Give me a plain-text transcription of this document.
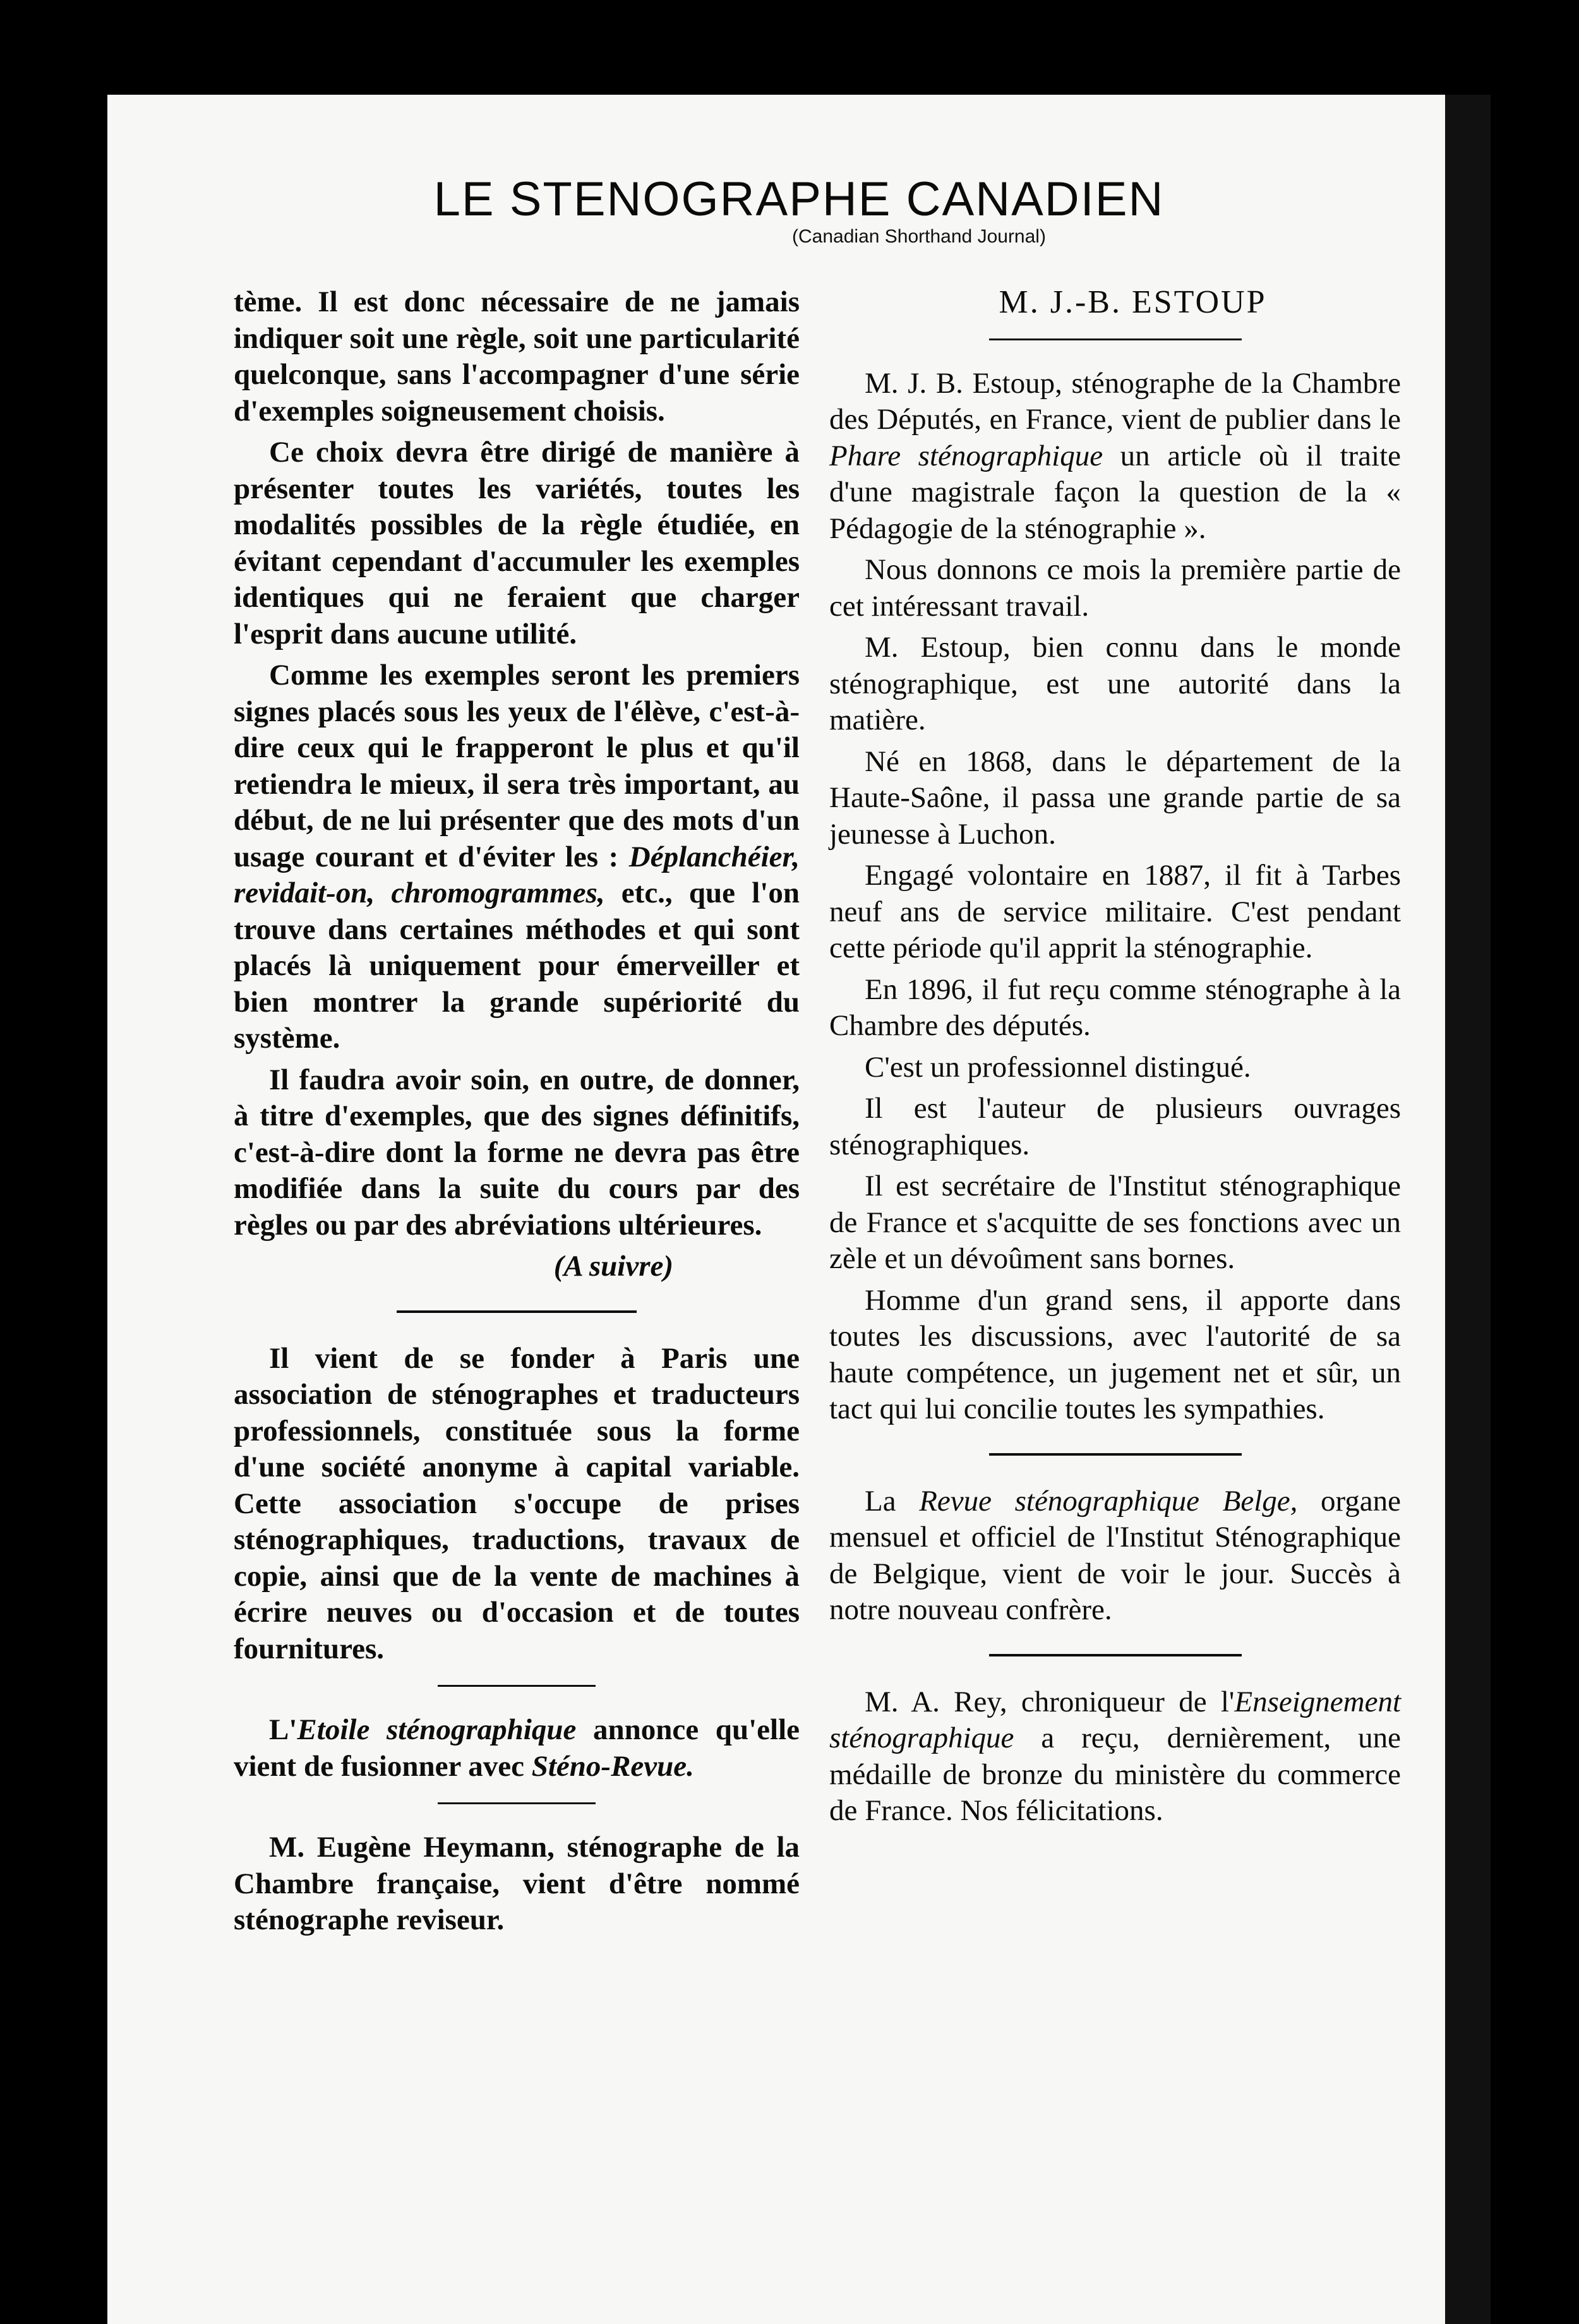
LE STENOGRAPHE CANADIEN
(Canadian Shorthand Journal)

tème. Il est donc nécessaire de ne jamais indiquer soit une règle, soit une particularité quelconque, sans l'accompagner d'une série d'exemples soigneusement choisis.

Ce choix devra être dirigé de manière à présenter toutes les variétés, toutes les modalités possibles de la règle étudiée, en évitant cependant d'accumuler les exemples identiques qui ne feraient que charger l'esprit dans aucune utilité.

Comme les exemples seront les premiers signes placés sous les yeux de l'élève, c'est-à-dire ceux qui le frapperont le plus et qu'il retiendra le mieux, il sera très important, au début, de ne lui présenter que des mots d'un usage courant et d'éviter les : Déplanchéier, revidait-on, chromogrammes, etc., que l'on trouve dans certaines méthodes et qui sont placés là uniquement pour émerveiller et bien montrer la grande supériorité du système.

Il faudra avoir soin, en outre, de donner, à titre d'exemples, que des signes définitifs, c'est-à-dire dont la forme ne devra pas être modifiée dans la suite du cours par des règles ou par des abréviations ultérieures.

(A suivre)

Il vient de se fonder à Paris une association de sténographes et traducteurs professionnels, constituée sous la forme d'une société anonyme à capital variable. Cette association s'occupe de prises sténographiques, traductions, travaux de copie, ainsi que de la vente de machines à écrire neuves ou d'occasion et de toutes fournitures.

L'Etoile sténographique annonce qu'elle vient de fusionner avec Sténo-Revue.

M. Eugène Heymann, sténographe de la Chambre française, vient d'être nommé sténographe reviseur.

M. J.-B. ESTOUP

M. J. B. Estoup, sténographe de la Chambre des Députés, en France, vient de publier dans le Phare sténographique un article où il traite d'une magistrale façon la question de la « Pédagogie de la sténographie ».

Nous donnons ce mois la première partie de cet intéressant travail.

M. Estoup, bien connu dans le monde sténographique, est une autorité dans la matière.

Né en 1868, dans le département de la Haute-Saône, il passa une grande partie de sa jeunesse à Luchon.

Engagé volontaire en 1887, il fit à Tarbes neuf ans de service militaire. C'est pendant cette période qu'il apprit la sténographie.

En 1896, il fut reçu comme sténographe à la Chambre des députés.

C'est un professionnel distingué.

Il est l'auteur de plusieurs ouvrages sténographiques.

Il est secrétaire de l'Institut sténographique de France et s'acquitte de ses fonctions avec un zèle et un dévoûment sans bornes.

Homme d'un grand sens, il apporte dans toutes les discussions, avec l'autorité de sa haute compétence, un jugement net et sûr, un tact qui lui concilie toutes les sympathies.

La Revue sténographique Belge, organe mensuel et officiel de l'Institut Sténographique de Belgique, vient de voir le jour. Succès à notre nouveau confrère.

M. A. Rey, chroniqueur de l'Enseignement sténographique a reçu, dernièrement, une médaille de bronze du ministère du commerce de France. Nos félicitations.
